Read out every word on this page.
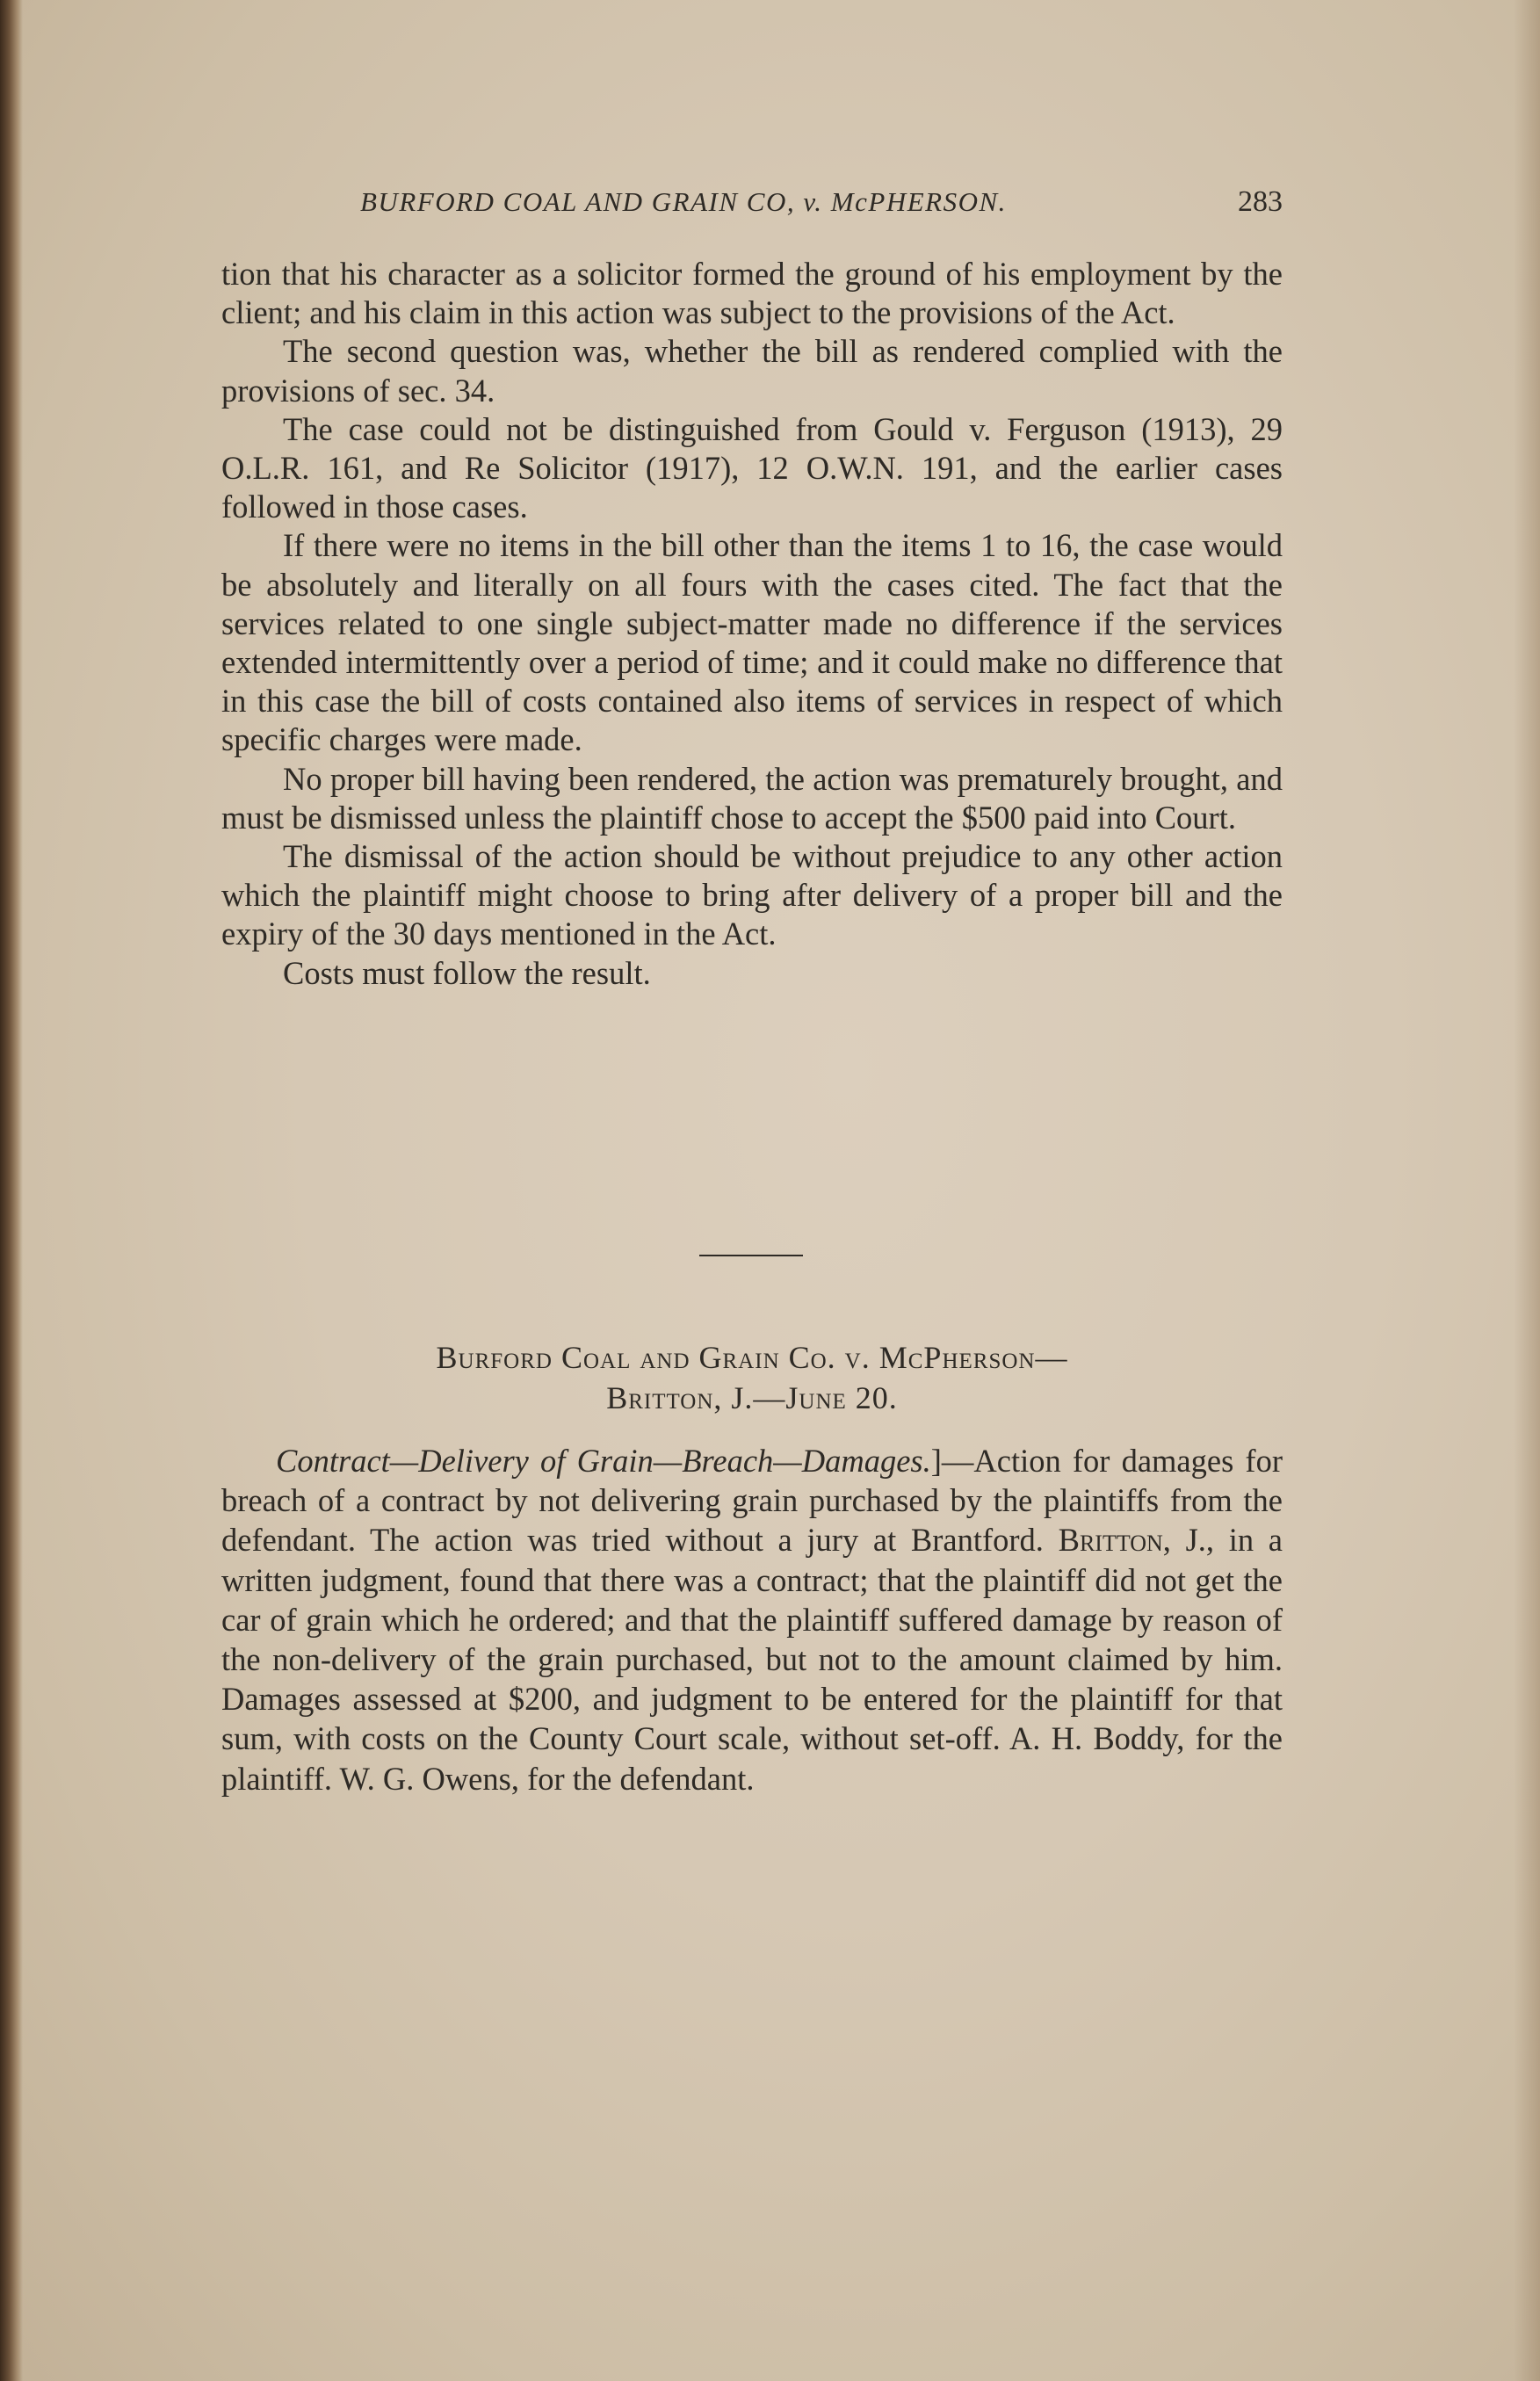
BURFORD COAL AND GRAIN CO, v. McPHERSON.	283

tion that his character as a solicitor formed the ground of his employment by the client; and his claim in this action was subject to the provisions of the Act.

The second question was, whether the bill as rendered complied with the provisions of sec. 34.

The case could not be distinguished from Gould v. Ferguson (1913), 29 O.L.R. 161, and Re Solicitor (1917), 12 O.W.N. 191, and the earlier cases followed in those cases.

If there were no items in the bill other than the items 1 to 16, the case would be absolutely and literally on all fours with the cases cited. The fact that the services related to one single subject-matter made no difference if the services extended intermittently over a period of time; and it could make no difference that in this case the bill of costs contained also items of services in respect of which specific charges were made.

No proper bill having been rendered, the action was prematurely brought, and must be dismissed unless the plaintiff chose to accept the $500 paid into Court.

The dismissal of the action should be without prejudice to any other action which the plaintiff might choose to bring after delivery of a proper bill and the expiry of the 30 days mentioned in the Act.

Costs must follow the result.

Burford Coal and Grain Co. v. McPherson—
Britton, J.—June 20.
Contract—Delivery of Grain—Breach—Damages.]—Action for damages for breach of a contract by not delivering grain purchased by the plaintiffs from the defendant. The action was tried without a jury at Brantford. Britton, J., in a written judgment, found that there was a contract; that the plaintiff did not get the car of grain which he ordered; and that the plaintiff suffered damage by reason of the non-delivery of the grain purchased, but not to the amount claimed by him. Damages assessed at $200, and judgment to be entered for the plaintiff for that sum, with costs on the County Court scale, without set-off. A. H. Boddy, for the plaintiff. W. G. Owens, for the defendant.
